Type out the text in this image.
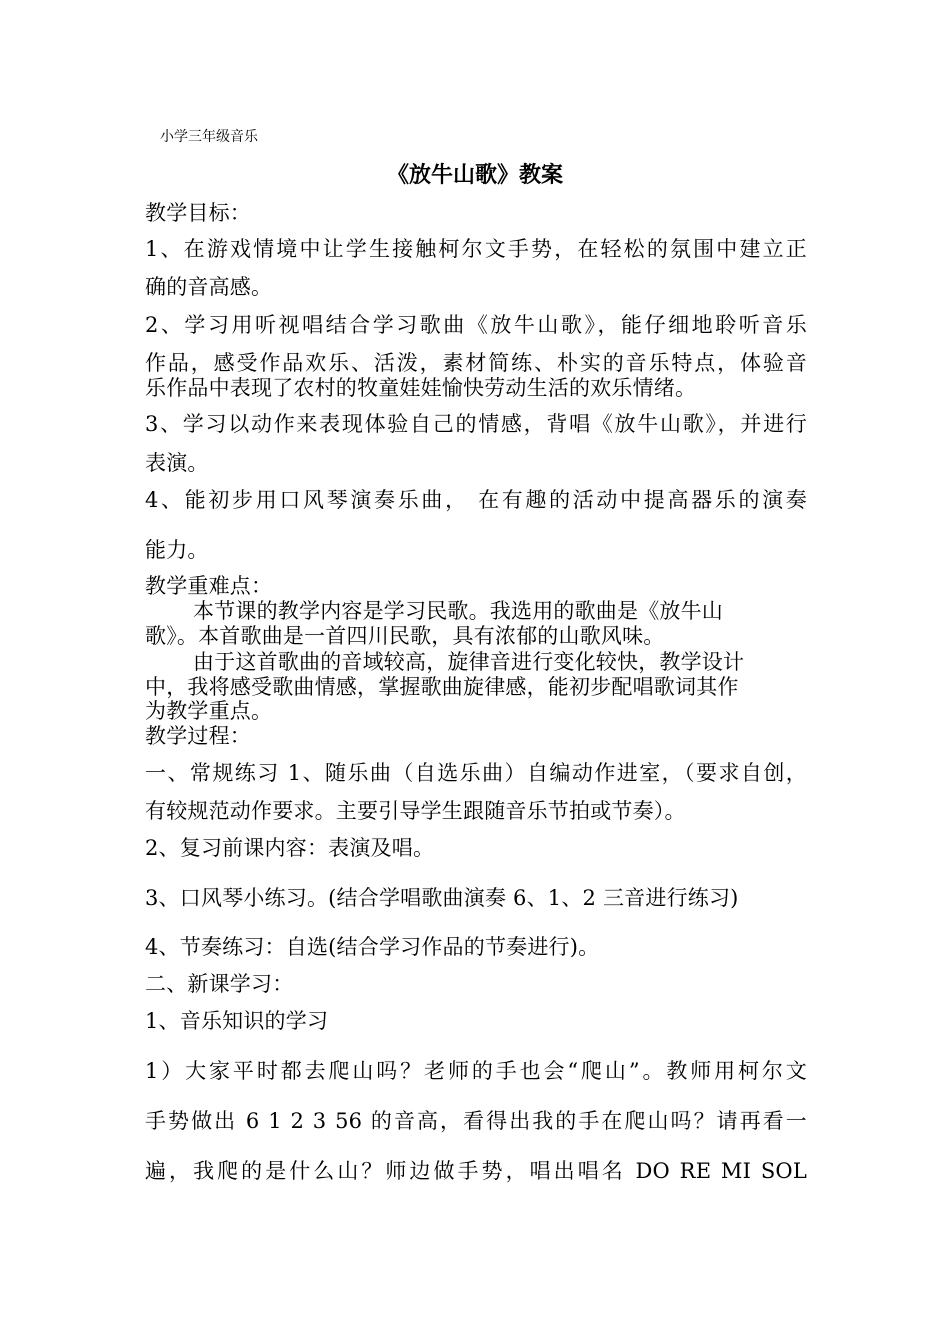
小学三年级音乐

《放牛山歌》教案

教学目标：

1、在游戏情境中让学生接触柯尔文手势，在轻松的氛围中建立正

确的音高感。

2、学习用听视唱结合学习歌曲《放牛山歌》，能仔细地聆听音乐

作品，感受作品欢乐、活泼，素材简练、朴实的音乐特点，体验音

乐作品中表现了农村的牧童娃娃愉快劳动生活的欢乐情绪。

3、学习以动作来表现体验自己的情感，背唱《放牛山歌》，并进行

表演。

4、能初步用口风琴演奏乐曲， 在有趣的活动中提高器乐的演奏

能力。

教学重难点：

本节课的教学内容是学习民歌。我选用的歌曲是《放牛山

歌》。本首歌曲是一首四川民歌，具有浓郁的山歌风味。

由于这首歌曲的音域较高，旋律音进行变化较快，教学设计

中，我将感受歌曲情感，掌握歌曲旋律感，能初步配唱歌词其作

为教学重点。

教学过程：

一、常规练习 1、随乐曲（自选乐曲）自编动作进室，（要求自创，

有较规范动作要求。主要引导学生跟随音乐节拍或节奏）。

2、复习前课内容：表演及唱。

3、口风琴小练习。(结合学唱歌曲演奏 6、1、2 三音进行练习)

4、节奏练习：自选(结合学习作品的节奏进行)。

二、新课学习：

1、音乐知识的学习

1）大家平时都去爬山吗？老师的手也会“爬山”。教师用柯尔文

手势做出 6 1 2 3 56 的音高，看得出我的手在爬山吗？请再看一

遍，我爬的是什么山？师边做手势，唱出唱名 DO RE MI SOL
